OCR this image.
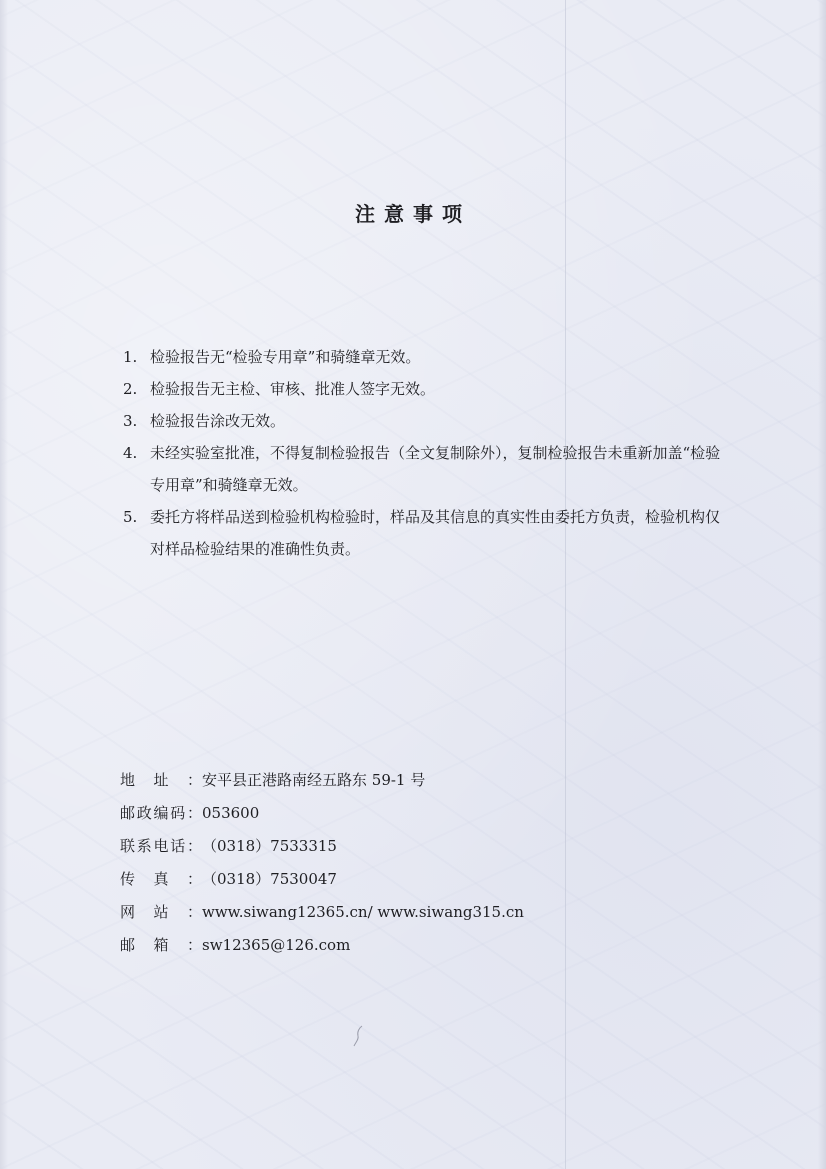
注意事项
1. 检验报告无“检验专用章”和骑缝章无效。
2. 检验报告无主检、审核、批准人签字无效。
3. 检验报告涂改无效。
4. 未经实验室批准，不得复制检验报告（全文复制除外），复制检验报告未重新加盖“检验专用章”和骑缝章无效。
5. 委托方将样品送到检验机构检验时，样品及其信息的真实性由委托方负责，检验机构仅对样品检验结果的准确性负责。
地址：安平县正港路南经五路东 59-1 号
邮政编码：053600
联系电话：（0318）7533315
传真：（0318）7530047
网站：www.siwang12365.cn/ www.siwang315.cn
邮箱：sw12365@126.com
